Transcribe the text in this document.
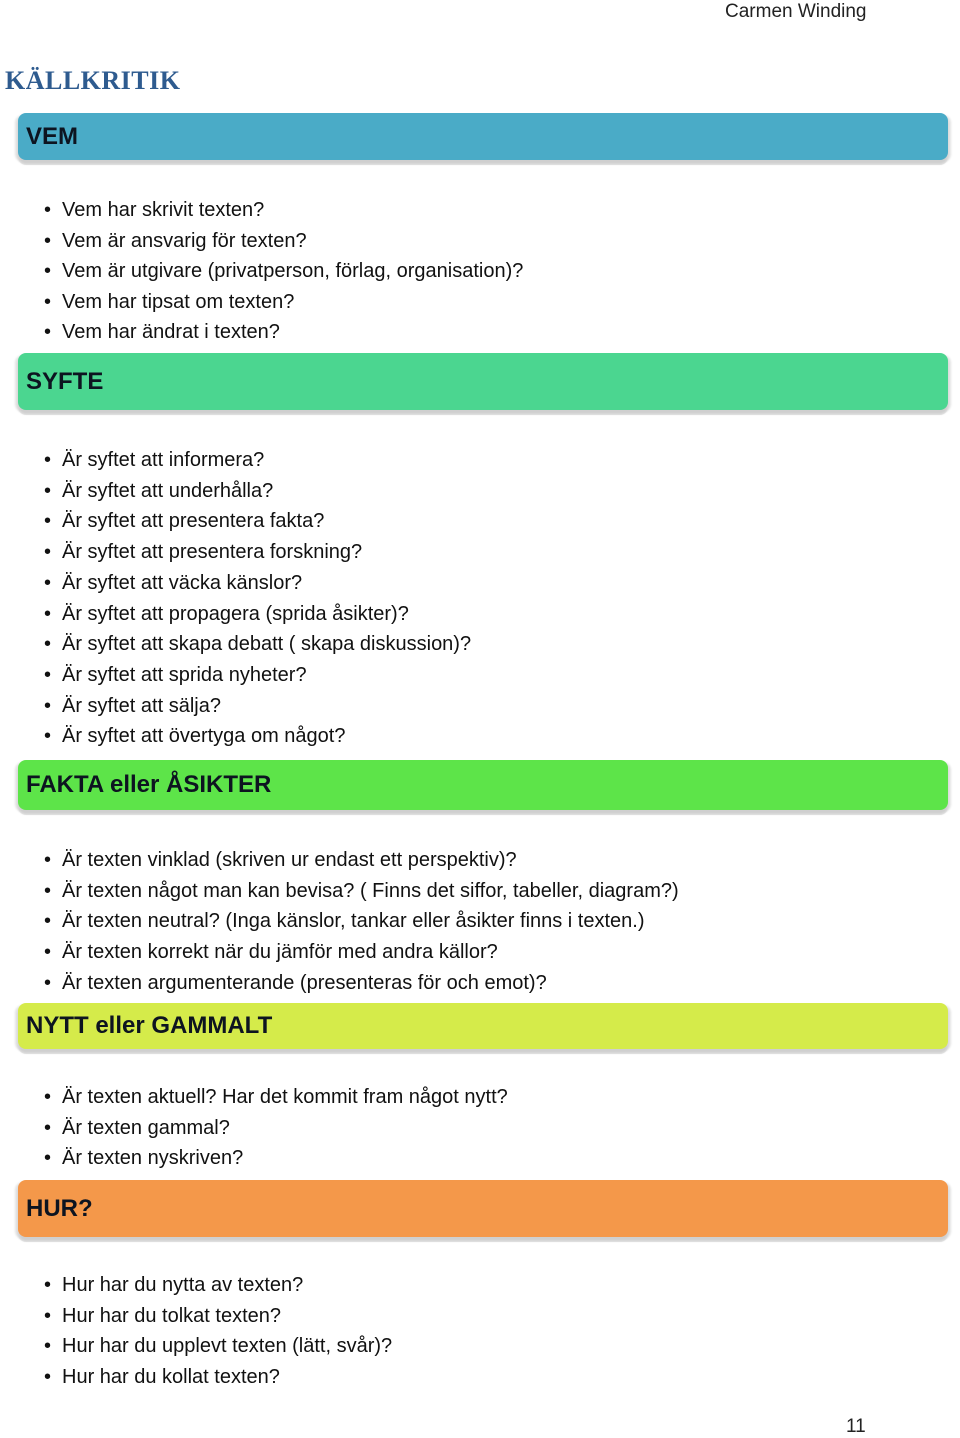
Carmen Winding
KÄLLKRITIK
VEM
• Vem har skrivit texten?
• Vem är ansvarig för texten?
• Vem är utgivare (privatperson, förlag, organisation)?
• Vem har tipsat om texten?
• Vem har ändrat i texten?
SYFTE
• Är syftet att informera?
• Är syftet att underhålla?
• Är syftet att presentera fakta?
• Är syftet att presentera forskning?
• Är syftet att väcka känslor?
• Är syftet att propagera (sprida åsikter)?
• Är syftet att skapa debatt ( skapa diskussion)?
• Är syftet att sprida nyheter?
• Är syftet att sälja?
• Är syftet att övertyga om något?
FAKTA eller ÅSIKTER
• Är texten vinklad (skriven ur endast ett perspektiv)?
• Är texten något man kan bevisa? ( Finns det siffor, tabeller, diagram?)
• Är texten neutral? (Inga känslor, tankar eller åsikter finns i texten.)
• Är texten korrekt när du jämför med andra källor?
• Är texten argumenterande (presenteras för och emot)?
NYTT eller GAMMALT
• Är texten aktuell? Har det kommit fram något nytt?
• Är texten gammal?
• Är texten nyskriven?
HUR?
• Hur har du nytta av texten?
• Hur har du tolkat texten?
• Hur har du upplevt texten (lätt, svår)?
• Hur har du kollat texten?
11
